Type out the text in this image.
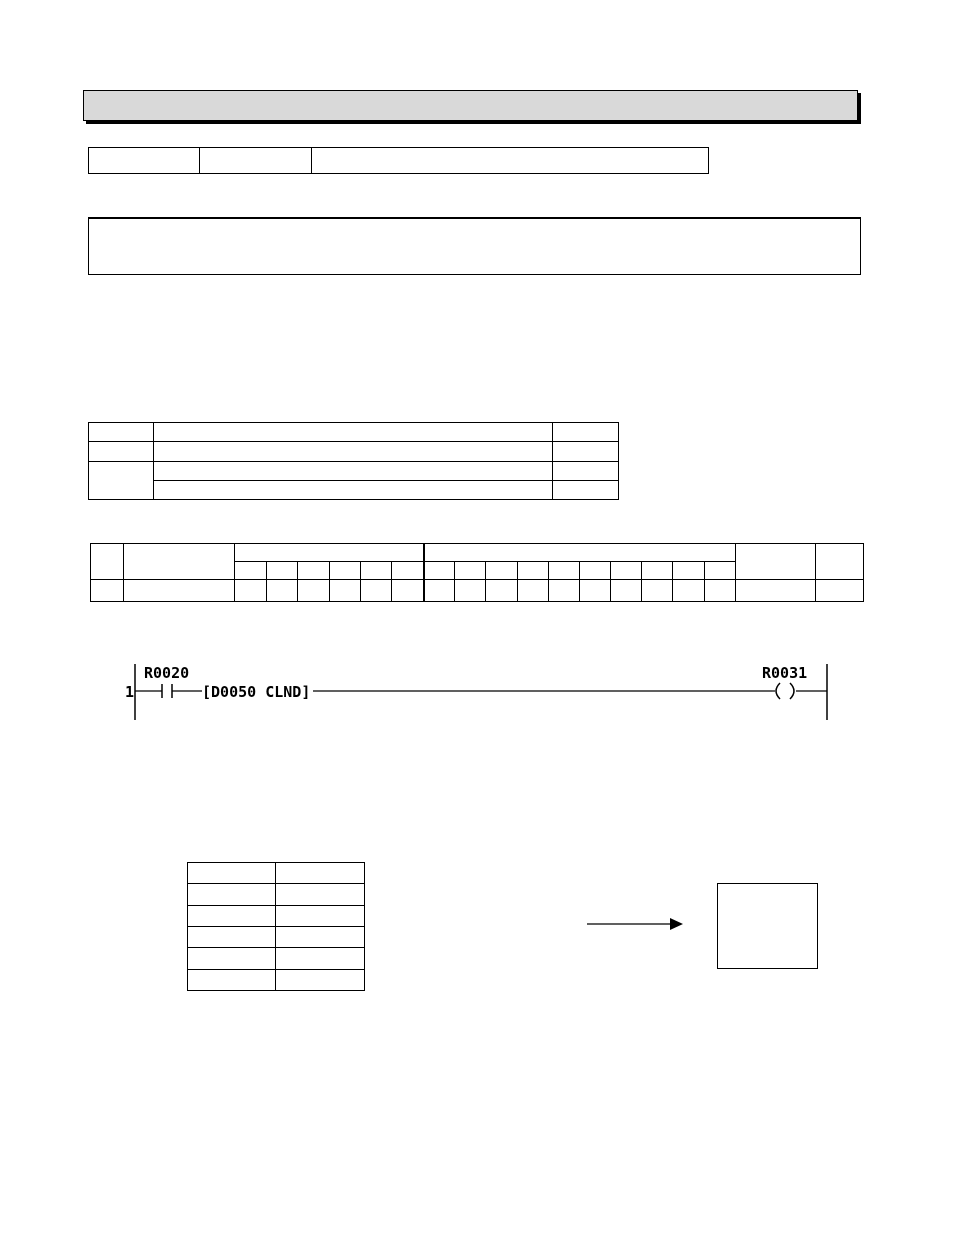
1
R0020
[D0050 CLND]
R0031
